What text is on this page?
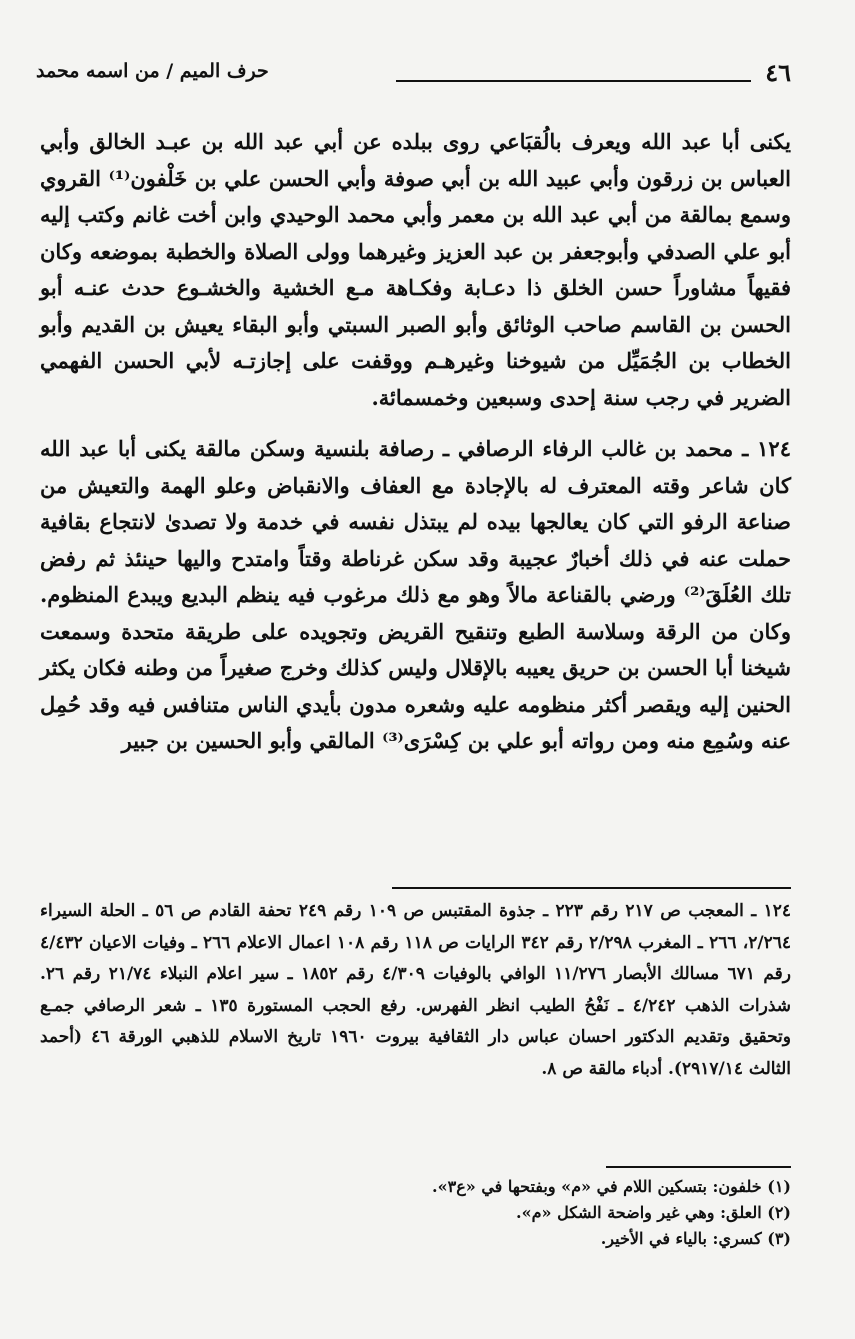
٤٦
حرف الميم / من اسمه محمد

يكنى أبا عبد الله ويعرف بالُقبَاعي روى ببلده عن أبي عبد الله بن عبـد الخالق وأبي العباس بن زرقون وأبي عبيد الله بن أبي صوفة وأبي الحسن علي بن خَلْفون⁽¹⁾ القروي وسمع بمالقة من أبي عبد الله بن معمر وأبي محمد الوحيدي وابن أخت غانم وكتب إليه أبو علي الصدفي وأبوجعفر بن عبد العزيز وغيرهما وولى الصلاة والخطبة بموضعه وكان فقيهاً مشاوراً حسن الخلق ذا دعـابة وفكـاهة مـع الخشية والخشـوع حدث عنـه أبو الحسن بن القاسم صاحب الوثائق وأبو الصبر السبتي وأبو البقاء يعيش بن القديم وأبو الخطاب بن الجُمَيِّل من شيوخنا وغيرهـم ووقفت على إجازتـه لأبي الحسن الفهمي الضرير في رجب سنة إحدى وسبعين وخمسمائة.

١٢٤ ـ محمد بن غالب الرفاء الرصافي ـ رصافة بلنسية وسكن مالقة يكنى أبا عبد الله كان شاعر وقته المعترف له بالإجادة مع العفاف والانقباض وعلو الهمة والتعيش من صناعة الرفو التي كان يعالجها بيده لم يبتذل نفسه في خدمة ولا تصدىٰ لانتجاع بقافية حملت عنه في ذلك أخبارٌ عجيبة وقد سكن غرناطة وقتاً وامتدح واليها حينئذ ثم رفض تلك العُلَقَ⁽²⁾ ورضي بالقناعة مالاً وهو مع ذلك مرغوب فيه ينظم البديع ويبدع المنظوم. وكان من الرقة وسلاسة الطبع وتنقيح القريض وتجويده على طريقة متحدة وسمعت شيخنا أبا الحسن بن حريق يعيبه بالإقلال وليس كذلك وخرج صغيراً من وطنه فكان يكثر الحنين إليه ويقصر أكثر منظومه عليه وشعره مدون بأيدي الناس متنافس فيه وقد حُمِل عنه وسُمِع منه ومن رواته أبو علي بن كِسْرَى⁽³⁾ المالقي وأبو الحسين بن جبير

١٢٤ ـ المعجب ص ٢١٧ رقم ٢٢٣ ـ جذوة المقتبس ص ١٠٩ رقم ٢٤٩ تحفة القادم ص ٥٦ ـ الحلة السيراء ٢/٢٦٤، ٢٦٦ ـ المغرب ٢/٢٩٨ رقم ٣٤٢ الرايات ص ١١٨ رقم ١٠٨ اعمال الاعلام ٢٦٦ ـ وفيات الاعيان ٤/٤٣٢ رقم ٦٧١ مسالك الأبصار ١١/٢٧٦ الوافي بالوفيات ٤/٣٠٩ رقم ١٨٥٢ ـ سير اعلام النبلاء ٢١/٧٤ رقم ٢٦. شذرات الذهب ٤/٢٤٢ ـ نَفْحُ الطيب انظر الفهرس. رفع الحجب المستورة ١٣٥ ـ شعر الرصافي جمـع وتحقيق وتقديم الدكتور احسان عباس دار الثقافية بيروت ١٩٦٠ تاريخ الاسلام للذهبي الورقة ٤٦ (أحمد الثالث ٢٩١٧/١٤). أدباء مالقة ص ٨.

(١) خلفون: بتسكين اللام في «م» وبفتحها في «ع٣».
(٢) العلق: وهي غير واضحة الشكل «م».
(٣) كسري: بالياء في الأخير.
